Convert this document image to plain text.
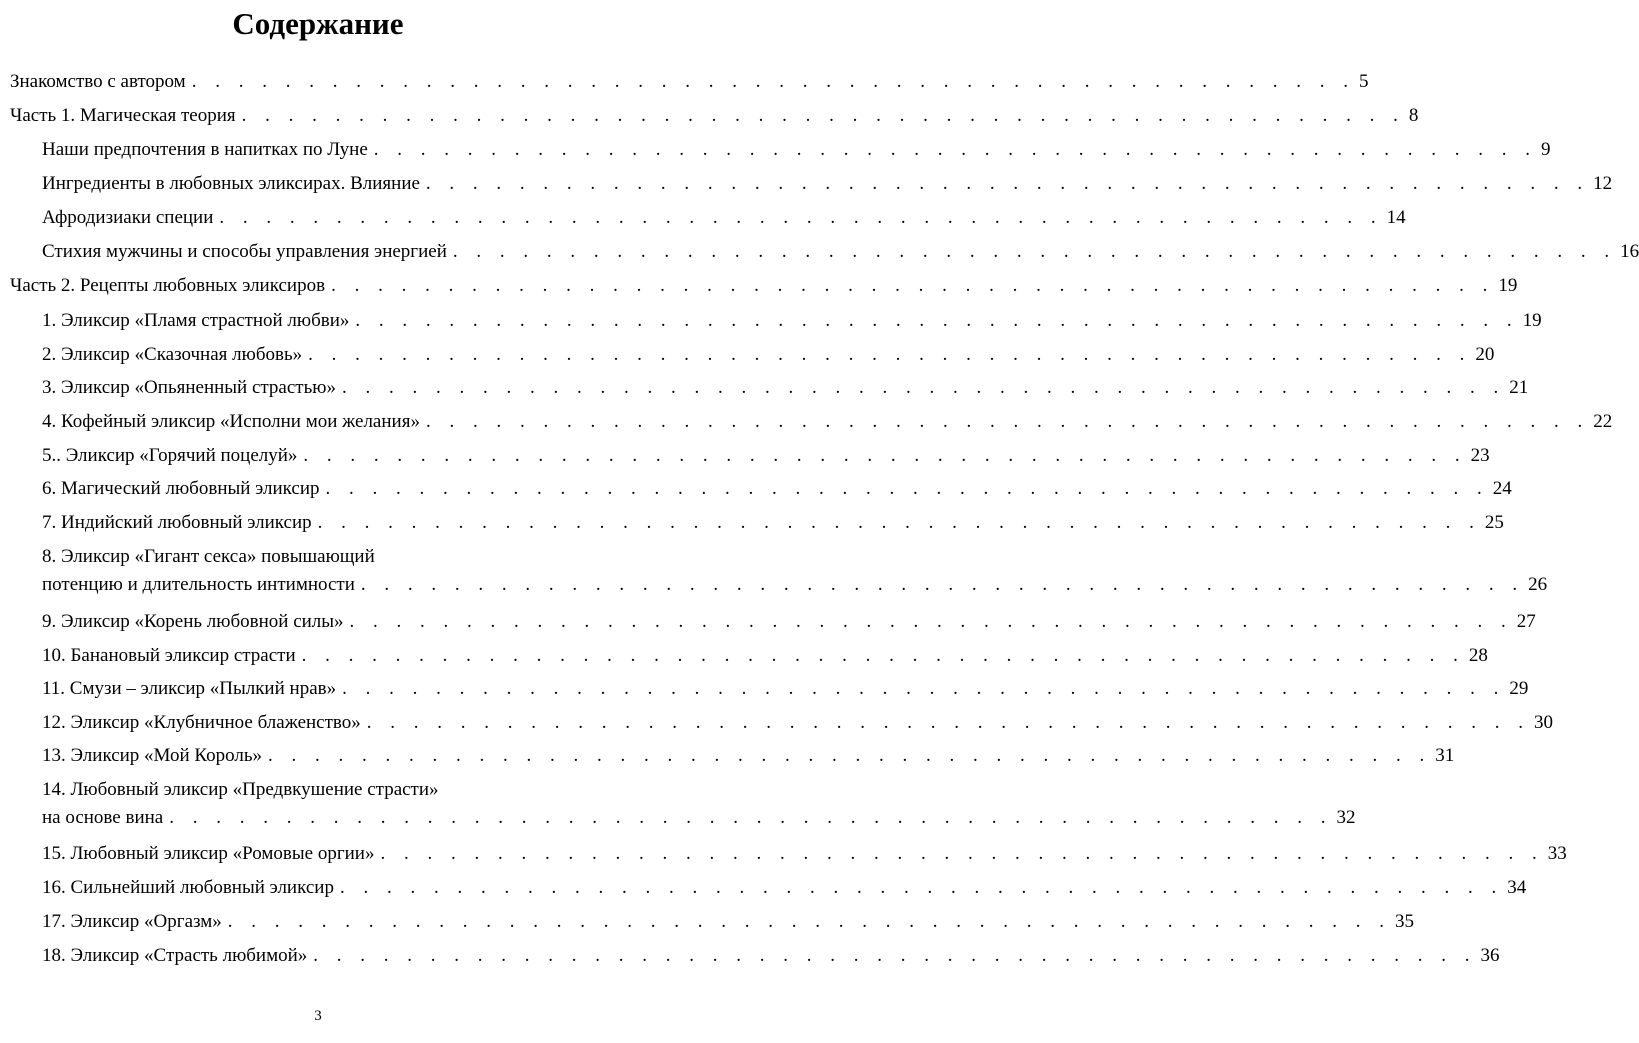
Содержание
Знакомство с автором . . . . . . . . . . . . . . . . . . . . . . . . . . . . . . . . . . . . . . . . . . . . . . . . . . 5
Часть 1. Магическая теория . . . . . . . . . . . . . . . . . . . . . . . . . . . . . . . . . . . . . . . . . . . . . . . . . . 8
Наши предпочтения в напитках по Луне . . . . . . . . . . . . . . . . . . . . . . . . . . . . . . . . . . . . . . . . . . . . . . . . . . 9
Ингредиенты в любовных эликсирах. Влияние . . . . . . . . . . . . . . . . . . . . . . . . . . . . . . . . . . . . . . . . . . . . . . . . . . 12
Афродизиаки специи . . . . . . . . . . . . . . . . . . . . . . . . . . . . . . . . . . . . . . . . . . . . . . . . . . 14
Стихия мужчины и способы управления энергией . . . . . . . . . . . . . . . . . . . . . . . . . . . . . . . . . . . . . . . . . . . . . . . . . . 16
Часть 2. Рецепты любовных эликсиров . . . . . . . . . . . . . . . . . . . . . . . . . . . . . . . . . . . . . . . . . . . . . . . . . . 19
1. Эликсир «Пламя страстной любви» . . . . . . . . . . . . . . . . . . . . . . . . . . . . . . . . . . . . . . . . . . . . . . . . . . 19
2. Эликсир «Сказочная любовь» . . . . . . . . . . . . . . . . . . . . . . . . . . . . . . . . . . . . . . . . . . . . . . . . . . 20
3. Эликсир «Опьяненный страстью» . . . . . . . . . . . . . . . . . . . . . . . . . . . . . . . . . . . . . . . . . . . . . . . . . . 21
4. Кофейный эликсир «Исполни мои желания» . . . . . . . . . . . . . . . . . . . . . . . . . . . . . . . . . . . . . . . . . . . . . . . . . . 22
5.. Эликсир «Горячий поцелуй» . . . . . . . . . . . . . . . . . . . . . . . . . . . . . . . . . . . . . . . . . . . . . . . . . . 23
6. Магический любовный эликсир . . . . . . . . . . . . . . . . . . . . . . . . . . . . . . . . . . . . . . . . . . . . . . . . . . 24
7. Индийский любовный эликсир . . . . . . . . . . . . . . . . . . . . . . . . . . . . . . . . . . . . . . . . . . . . . . . . . . 25
8. Эликсир «Гигант секса» повышающий
потенцию и длительность интимности . . . . . . . . . . . . . . . . . . . . . . . . . . . . . . . . . . . . . . . . . . . . . . . . . . 26
9. Эликсир «Корень любовной силы» . . . . . . . . . . . . . . . . . . . . . . . . . . . . . . . . . . . . . . . . . . . . . . . . . . 27
10. Банановый эликсир страсти . . . . . . . . . . . . . . . . . . . . . . . . . . . . . . . . . . . . . . . . . . . . . . . . . . 28
11. Смузи – эликсир «Пылкий нрав» . . . . . . . . . . . . . . . . . . . . . . . . . . . . . . . . . . . . . . . . . . . . . . . . . . 29
12. Эликсир «Клубничное блаженство» . . . . . . . . . . . . . . . . . . . . . . . . . . . . . . . . . . . . . . . . . . . . . . . . . . 30
13. Эликсир «Мой Король» . . . . . . . . . . . . . . . . . . . . . . . . . . . . . . . . . . . . . . . . . . . . . . . . . . 31
14. Любовный эликсир «Предвкушение страсти»
на основе вина . . . . . . . . . . . . . . . . . . . . . . . . . . . . . . . . . . . . . . . . . . . . . . . . . . 32
15. Любовный эликсир «Ромовые оргии» . . . . . . . . . . . . . . . . . . . . . . . . . . . . . . . . . . . . . . . . . . . . . . . . . . 33
16. Сильнейший любовный эликсир . . . . . . . . . . . . . . . . . . . . . . . . . . . . . . . . . . . . . . . . . . . . . . . . . . 34
17. Эликсир «Оргазм» . . . . . . . . . . . . . . . . . . . . . . . . . . . . . . . . . . . . . . . . . . . . . . . . . . 35
18. Эликсир «Страсть любимой» . . . . . . . . . . . . . . . . . . . . . . . . . . . . . . . . . . . . . . . . . . . . . . . . . . 36
3
